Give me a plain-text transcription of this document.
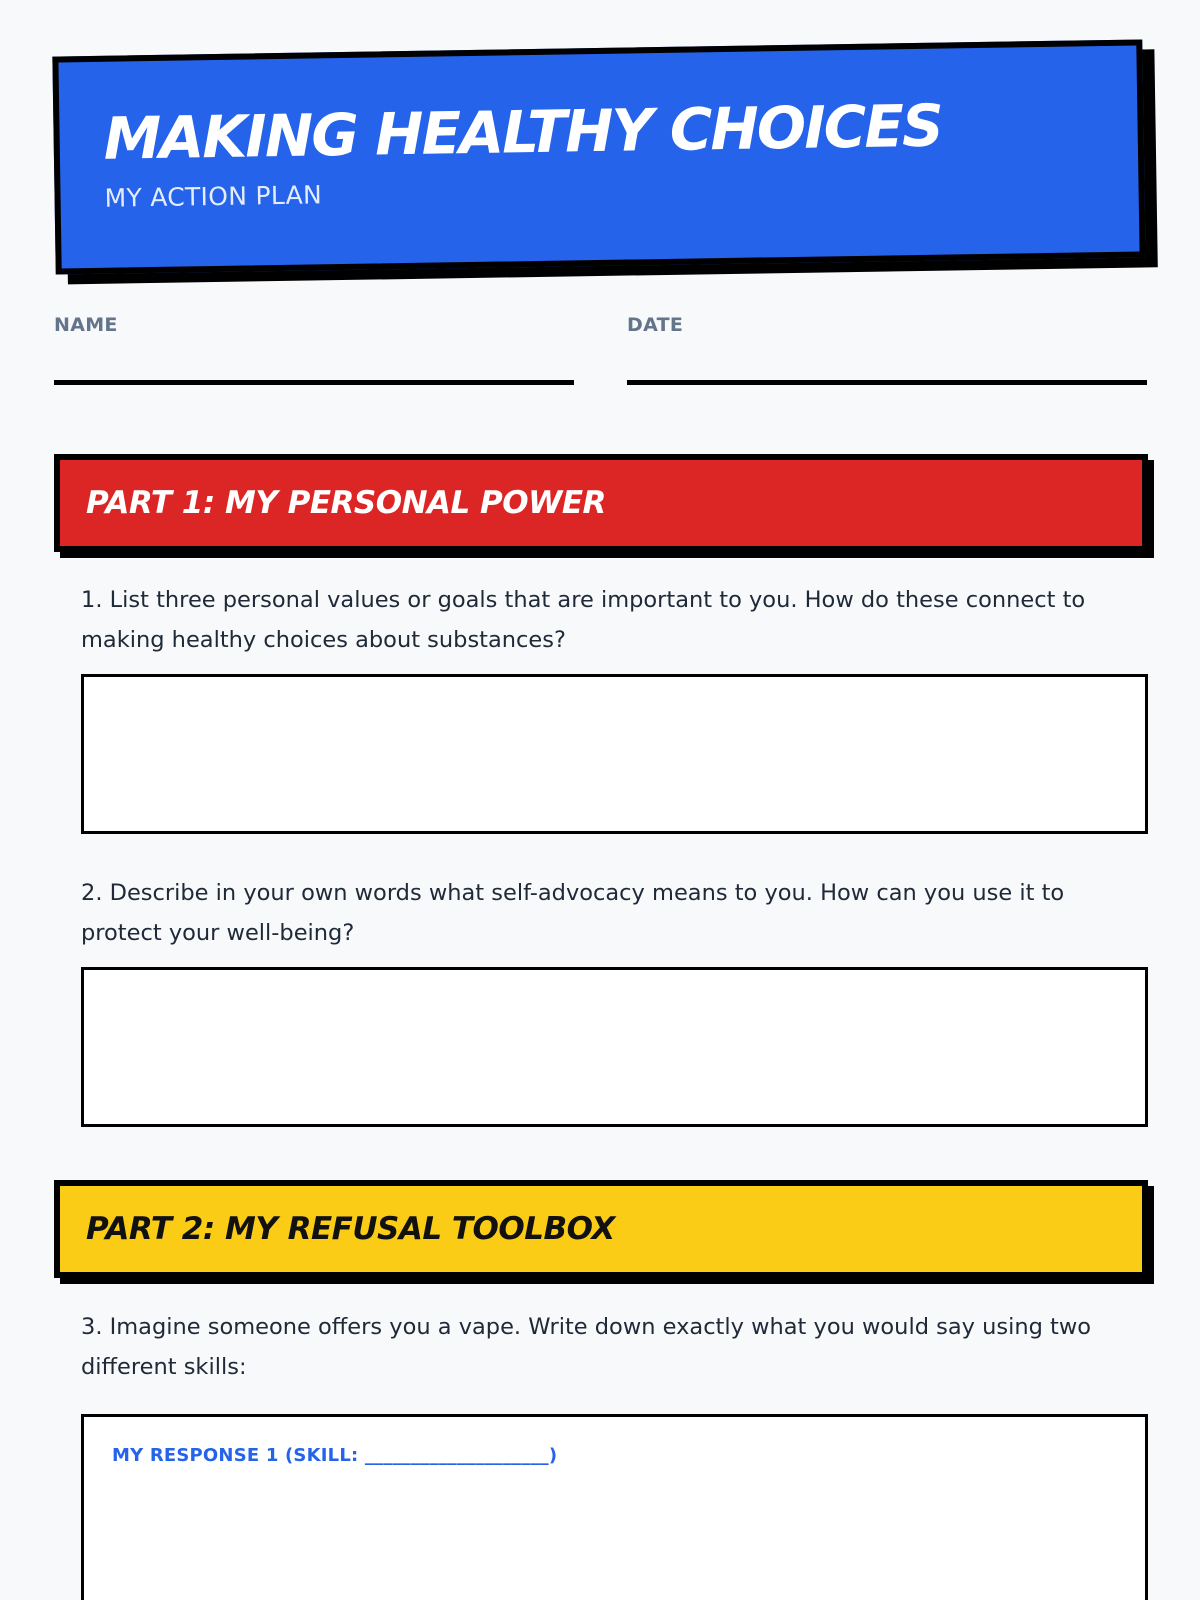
MAKING HEALTHY CHOICES
MY ACTION PLAN
NAME	DATE
PART 1: MY PERSONAL POWER
1. List three personal values or goals that are important to you. How do these connect to making healthy choices about substances?
2. Describe in your own words what self-advocacy means to you. How can you use it to protect your well-being?
PART 2: MY REFUSAL TOOLBOX
3. Imagine someone offers you a vape. Write down exactly what you would say using two different skills:
MY RESPONSE 1 (SKILL: ____________________)
